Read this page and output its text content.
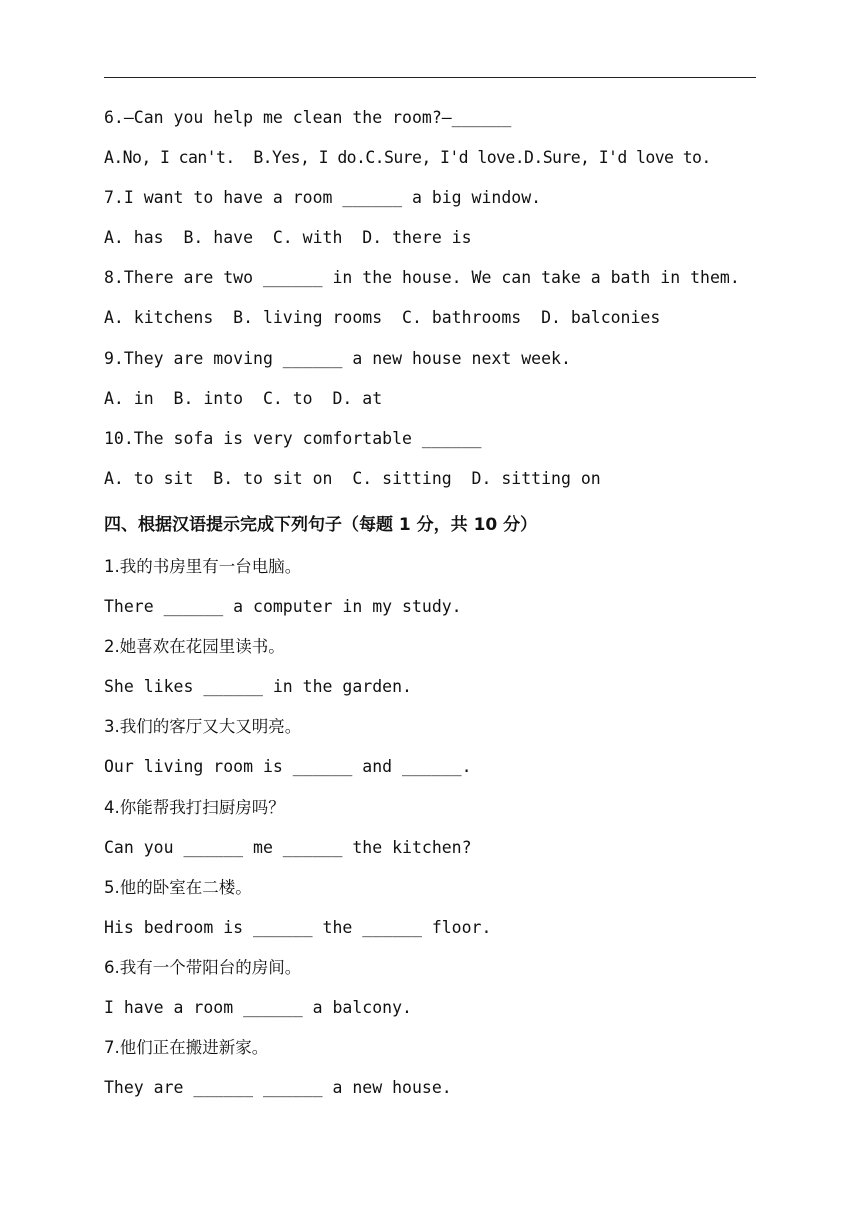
6.—Can you help me clean the room?—______
A.No, I can't.  B.Yes, I do.C.Sure, I'd love.D.Sure, I'd love to.
7.I want to have a room ______ a big window.
A. has  B. have  C. with  D. there is
8.There are two ______ in the house. We can take a bath in them.
A. kitchens  B. living rooms  C. bathrooms  D. balconies
9.They are moving ______ a new house next week.
A. in  B. into  C. to  D. at
10.The sofa is very comfortable ______
A. to sit  B. to sit on  C. sitting  D. sitting on
四、根据汉语提示完成下列句子（每题 1 分，共 10 分）
1.我的书房里有一台电脑。
There ______ a computer in my study.
2.她喜欢在花园里读书。
She likes ______ in the garden.
3.我们的客厅又大又明亮。
Our living room is ______ and ______.
4.你能帮我打扫厨房吗？
Can you ______ me ______ the kitchen?
5.他的卧室在二楼。
His bedroom is ______ the ______ floor.
6.我有一个带阳台的房间。
I have a room ______ a balcony.
7.他们正在搬进新家。
They are ______ ______ a new house.
